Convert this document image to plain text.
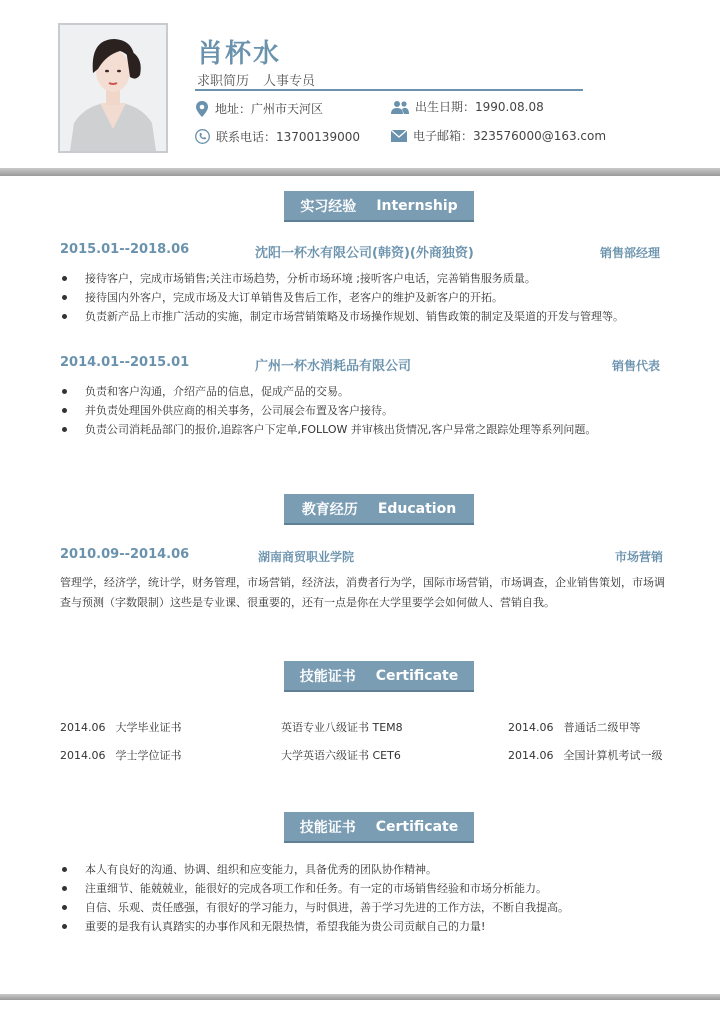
肖杯水
求职简历 人事专员
地址：广州市天河区	出生日期：1990.08.08
联系电话：13700139000	电子邮箱：323576000@163.com
实习经验 Internship
2015.01--2018.06	沈阳一杯水有限公司(韩资)(外商独资)	销售部经理
接待客户，完成市场销售;关注市场趋势，分析市场环境 ;接听客户电话，完善销售服务质量。
接待国内外客户，完成市场及大订单销售及售后工作，老客户的维护及新客户的开拓。
负责新产品上市推广活动的实施，制定市场营销策略及市场操作规划、销售政策的制定及渠道的开发与管理等。
2014.01--2015.01	广州一杯水消耗品有限公司	销售代表
负责和客户沟通，介绍产品的信息，促成产品的交易。
并负责处理国外供应商的相关事务，公司展会布置及客户接待。
负责公司消耗品部门的报价,追踪客户下定单,FOLLOW 并审核出货情况,客户异常之跟踪处理等系列问题。
教育经历 Education
2010.09--2014.06	湖南商贸职业学院	市场营销
管理学，经济学，统计学，财务管理，市场营销，经济法，消费者行为学，国际市场营销，市场调查，企业销售策划，市场调查与预测（字数限制）这些是专业课、很重要的，还有一点是你在大学里要学会如何做人、营销自我。
技能证书 Certificate
2014.06 大学毕业证书	英语专业八级证书 TEM8	2014.06 普通话二级甲等
2014.06 学士学位证书	大学英语六级证书 CET6	2014.06 全国计算机考试一级
技能证书 Certificate
本人有良好的沟通、协调、组织和应变能力，具备优秀的团队协作精神。
注重细节、能兢兢业，能很好的完成各项工作和任务。有一定的市场销售经验和市场分析能力。
自信、乐观、责任感强，有很好的学习能力，与时俱进，善于学习先进的工作方法，不断自我提高。
重要的是我有认真踏实的办事作风和无限热情，希望我能为贵公司贡献自己的力量!
